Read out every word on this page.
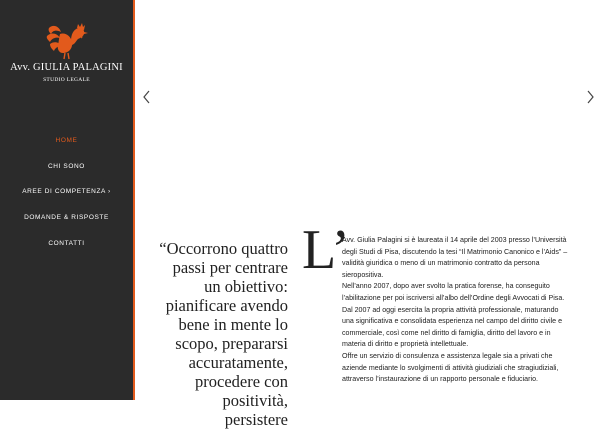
Avv. GIULIA PALAGINI
STUDIO LEGALE
HOME
CHI SONO
AREE DI COMPETENZA ›
DOMANDE & RISPOSTE
CONTATTI	“Occorrono quattro passi per centrare un obiettivo: pianificare avendo bene in mente lo scopo, prepararsi accuratamente, procedere con positività, persistere
L’

Avv. Giulia Palagini si è laureata il 14 aprile del 2003 presso l’Università degli Studi di Pisa, discutendo la tesi “Il Matrimonio Canonico e l’Aids” – validità giuridica o meno di un matrimonio contratto da persona sieropositiva.

Nell’anno 2007, dopo aver svolto la pratica forense, ha conseguito l’abilitazione per poi iscriversi all’albo dell’Ordine degli Avvocati di Pisa.

Dal 2007 ad oggi esercita la propria attività professionale, maturando una significativa e consolidata esperienza nel campo del diritto civile e commerciale, così come nel diritto di famiglia, diritto del lavoro e in materia di diritto e proprietà intellettuale.

Offre un servizio di consulenza e assistenza legale sia a privati che aziende mediante lo svolgimenti di attività giudiziali che stragiudiziali, attraverso l’instaurazione di un rapporto personale e fiduciario.
